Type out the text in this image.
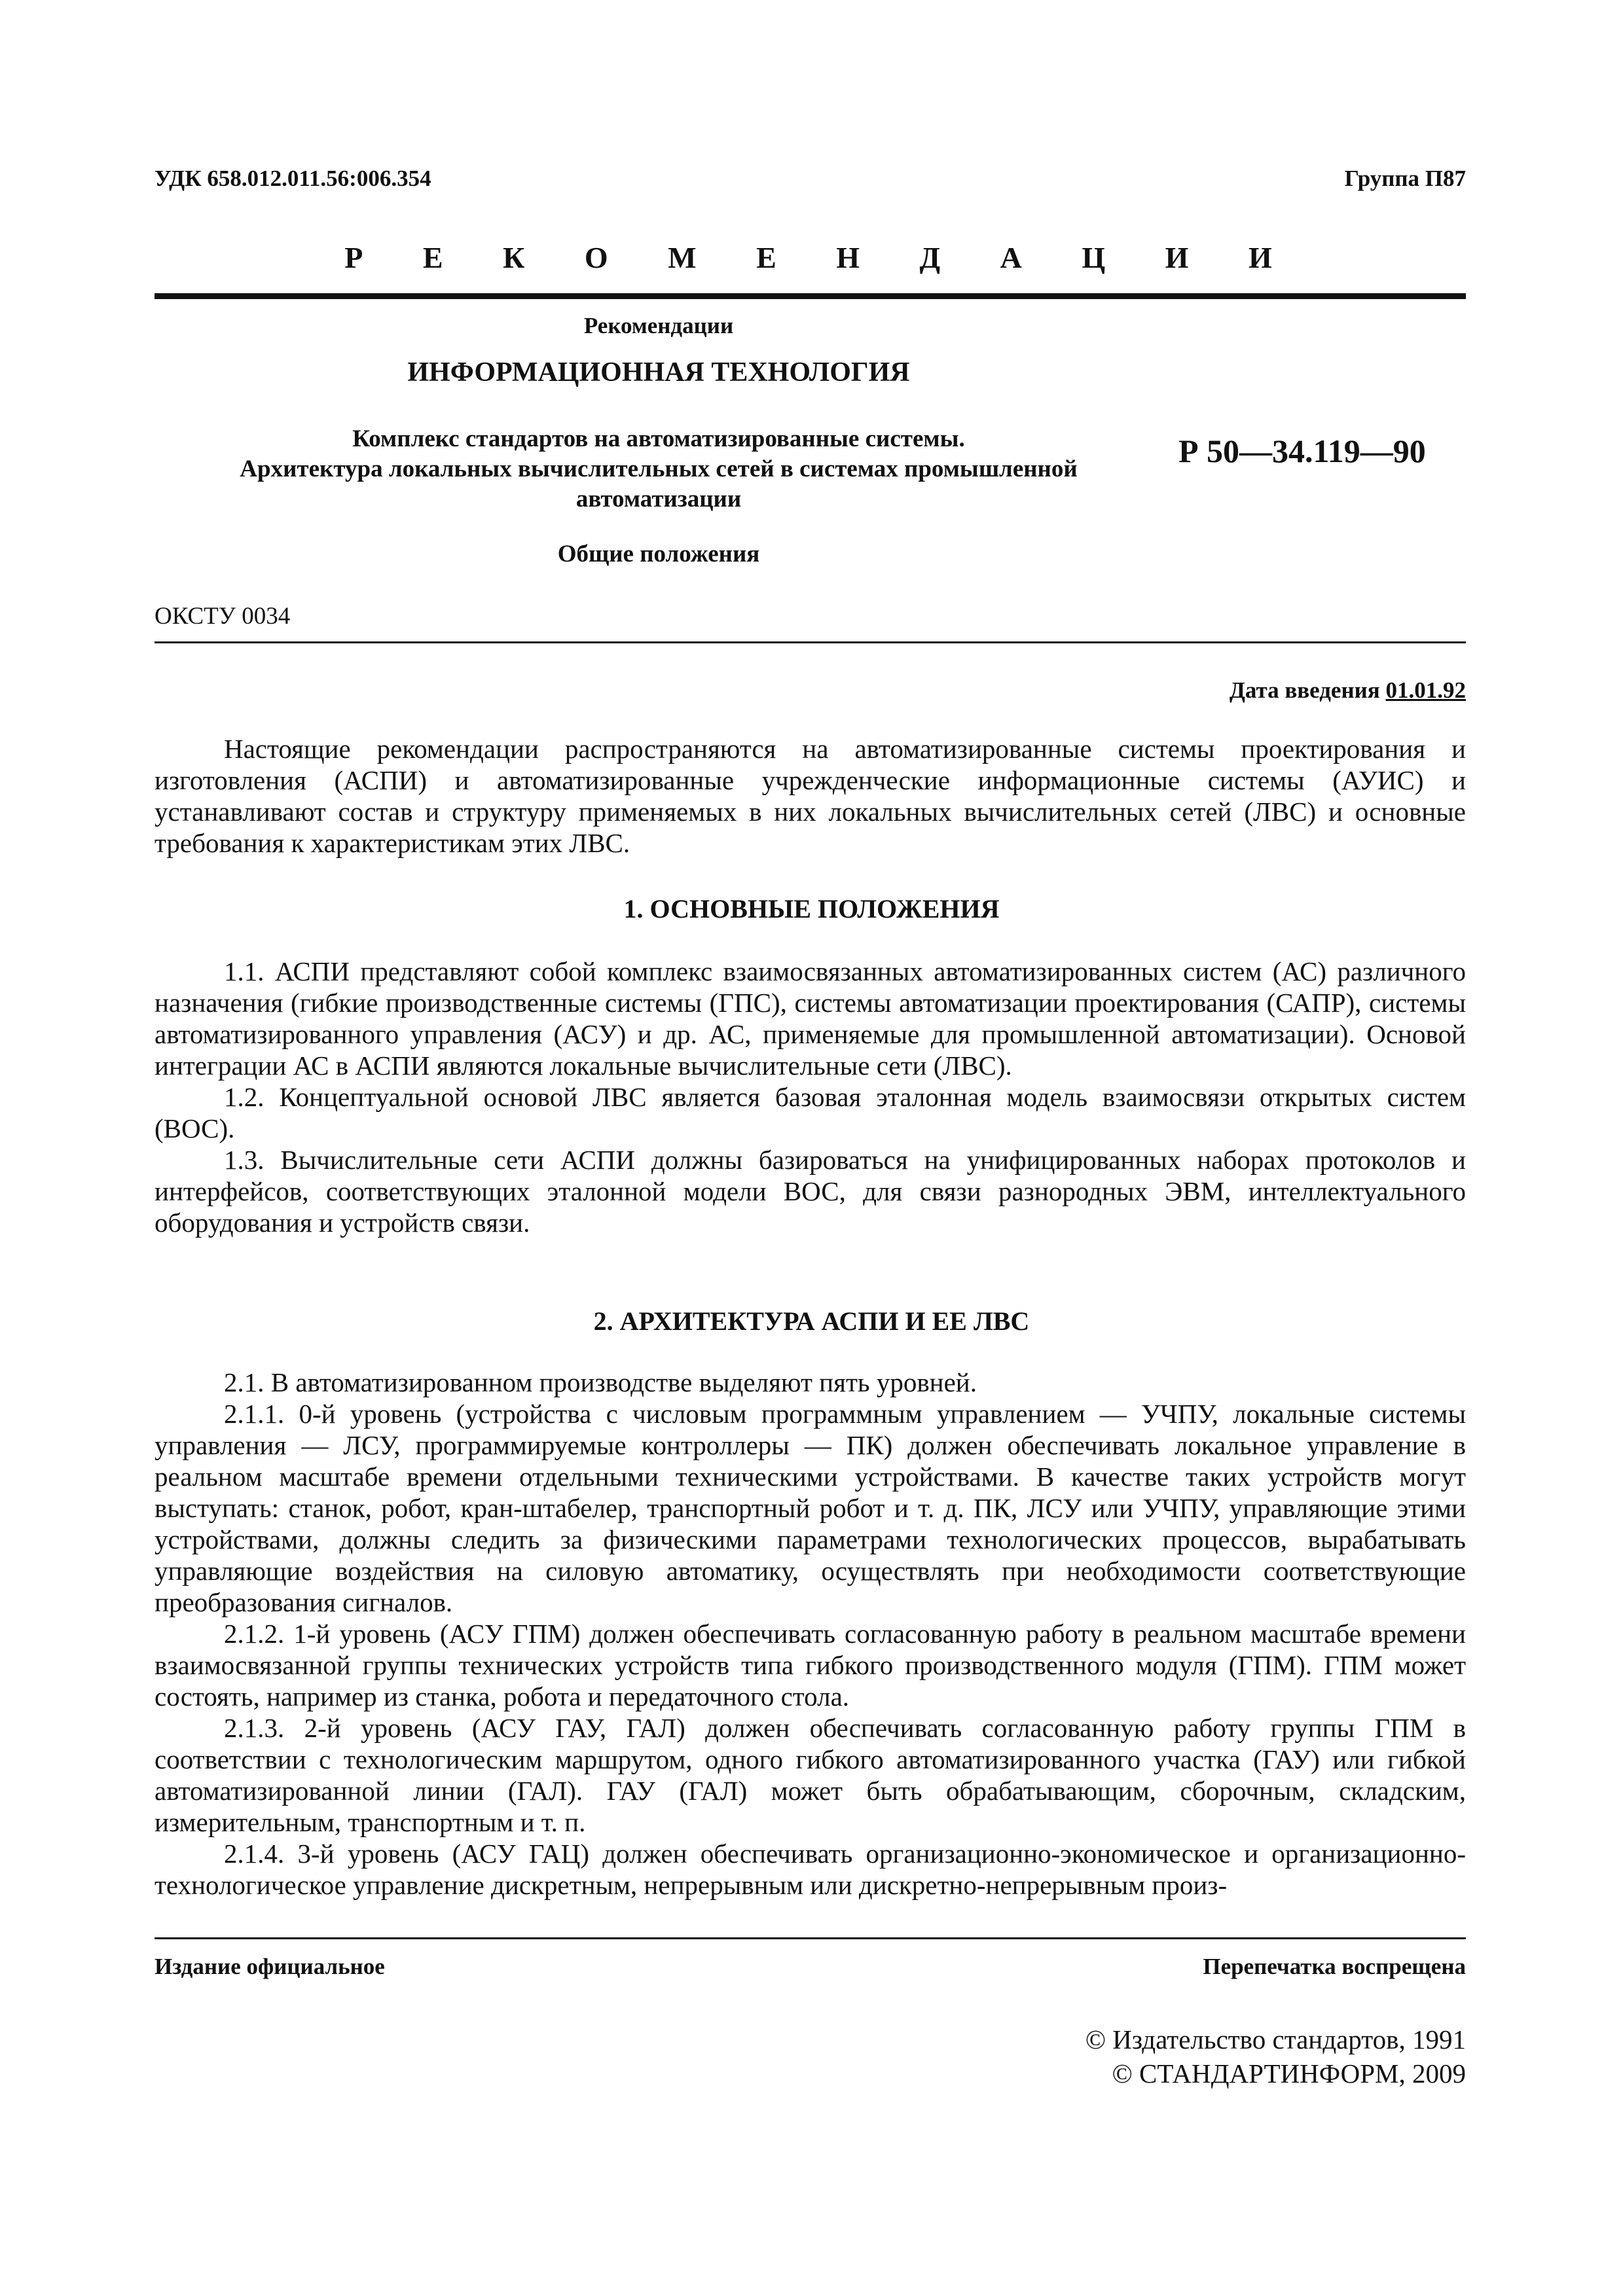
УДК 658.012.011.56:006.354	Группа П87
Р Е К О М Е Н Д А Ц И И
Рекомендации
ИНФОРМАЦИОННАЯ ТЕХНОЛОГИЯ
Комплекс стандартов на автоматизированные системы.
Архитектура локальных вычислительных сетей в системах промышленной
автоматизации
Общие положения
Р 50—34.119—90
ОКСТУ 0034
Дата введения 01.01.92

Настоящие рекомендации распространяются на автоматизированные системы проектирования и изготовления (АСПИ) и автоматизированные учрежденческие информационные системы (АУИС) и устанавливают состав и структуру применяемых в них локальных вычислительных сетей (ЛВС) и основные требования к характеристикам этих ЛВС.

1. ОСНОВНЫЕ ПОЛОЖЕНИЯ

1.1. АСПИ представляют собой комплекс взаимосвязанных автоматизированных систем (АС) различного назначения (гибкие производственные системы (ГПС), системы автоматизации проектирования (САПР), системы автоматизированного управления (АСУ) и др. АС, применяемые для промышленной автоматизации). Основой интеграции АС в АСПИ являются локальные вычислительные сети (ЛВС).

1.2. Концептуальной основой ЛВС является базовая эталонная модель взаимосвязи открытых систем (ВОС).

1.3. Вычислительные сети АСПИ должны базироваться на унифицированных наборах протоколов и интерфейсов, соответствующих эталонной модели ВОС, для связи разнородных ЭВМ, интеллектуального оборудования и устройств связи.

2. АРХИТЕКТУРА АСПИ И ЕЕ ЛВС

2.1. В автоматизированном производстве выделяют пять уровней.

2.1.1. 0-й уровень (устройства с числовым программным управлением — УЧПУ, локальные системы управления — ЛСУ, программируемые контроллеры — ПК) должен обеспечивать локальное управление в реальном масштабе времени отдельными техническими устройствами. В качестве таких устройств могут выступать: станок, робот, кран-штабелер, транспортный робот и т. д. ПК, ЛСУ или УЧПУ, управляющие этими устройствами, должны следить за физическими параметрами технологических процессов, вырабатывать управляющие воздействия на силовую автоматику, осуществлять при необходимости соответствующие преобразования сигналов.

2.1.2. 1-й уровень (АСУ ГПМ) должен обеспечивать согласованную работу в реальном масштабе времени взаимосвязанной группы технических устройств типа гибкого производственного модуля (ГПМ). ГПМ может состоять, например из станка, робота и передаточного стола.

2.1.3. 2-й уровень (АСУ ГАУ, ГАЛ) должен обеспечивать согласованную работу группы ГПМ в соответствии с технологическим маршрутом, одного гибкого автоматизированного участка (ГАУ) или гибкой автоматизированной линии (ГАЛ). ГАУ (ГАЛ) может быть обрабатывающим, сборочным, складским, измерительным, транспортным и т. п.

2.1.4. 3-й уровень (АСУ ГАЦ) должен обеспечивать организационно-экономическое и организационно-технологическое управление дискретным, непрерывным или дискретно-непрерывным произ-

Издание официальное	Перепечатка воспрещена
© Издательство стандартов, 1991
© СТАНДАРТИНФОРМ, 2009
